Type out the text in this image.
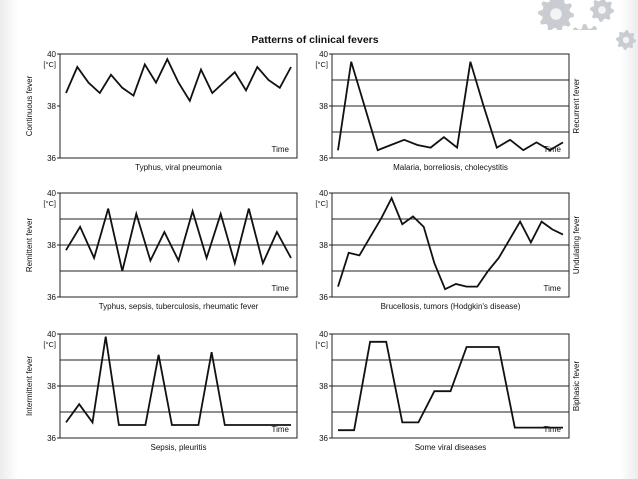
Patterns of clinical fevers
36
38
40
[°C]
Time
Typhus, viral pneumonia
Continuous fever
36
38
40
[°C]
Time
Malaria, borreliosis, cholecystitis
Recurrent fever
36
38
40
[°C]
Time
Typhus, sepsis, tuberculosis, rheumatic fever
Remittent fever
36
38
40
[°C]
Time
Brucellosis, tumors (Hodgkin's disease)
Undulating fever
36
38
40
[°C]
Time
Sepsis, pleuritis
Intermittent fever
36
38
40
[°C]
Time
Some viral diseases
Biphasic fever
